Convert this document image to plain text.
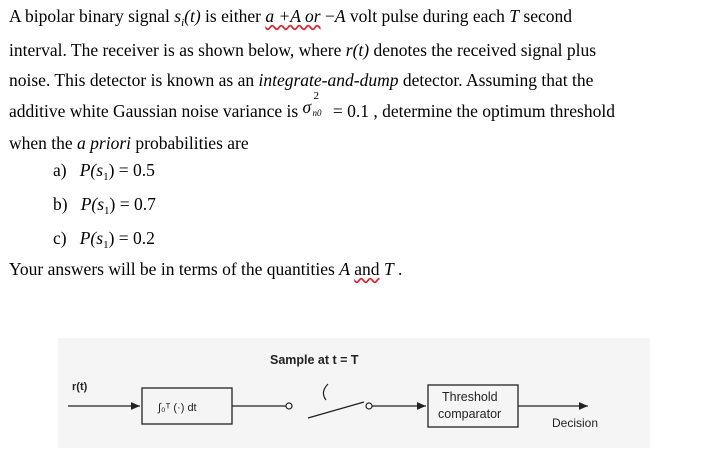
A bipolar binary signal $s_i(t)$ is either a +A or −A volt pulse during each T second
interval. The receiver is as shown below, where r(t) denotes the received signal plus
noise. This detector is known as an integrate-and-dump detector. Assuming that the
additive white Gaussian noise variance is σ
2
n0 = 0.1 , determine the optimum threshold
when the a priori probabilities are
a) $P(s_1) = 0.5$
b) $P(s_1) = 0.7$
c) $P(s_1) = 0.2$
Your answers will be in terms of the quantities A and T .
Sample at t = T
r(t)
∫₀ᵀ (·) dt
Threshold
comparator
Decision
